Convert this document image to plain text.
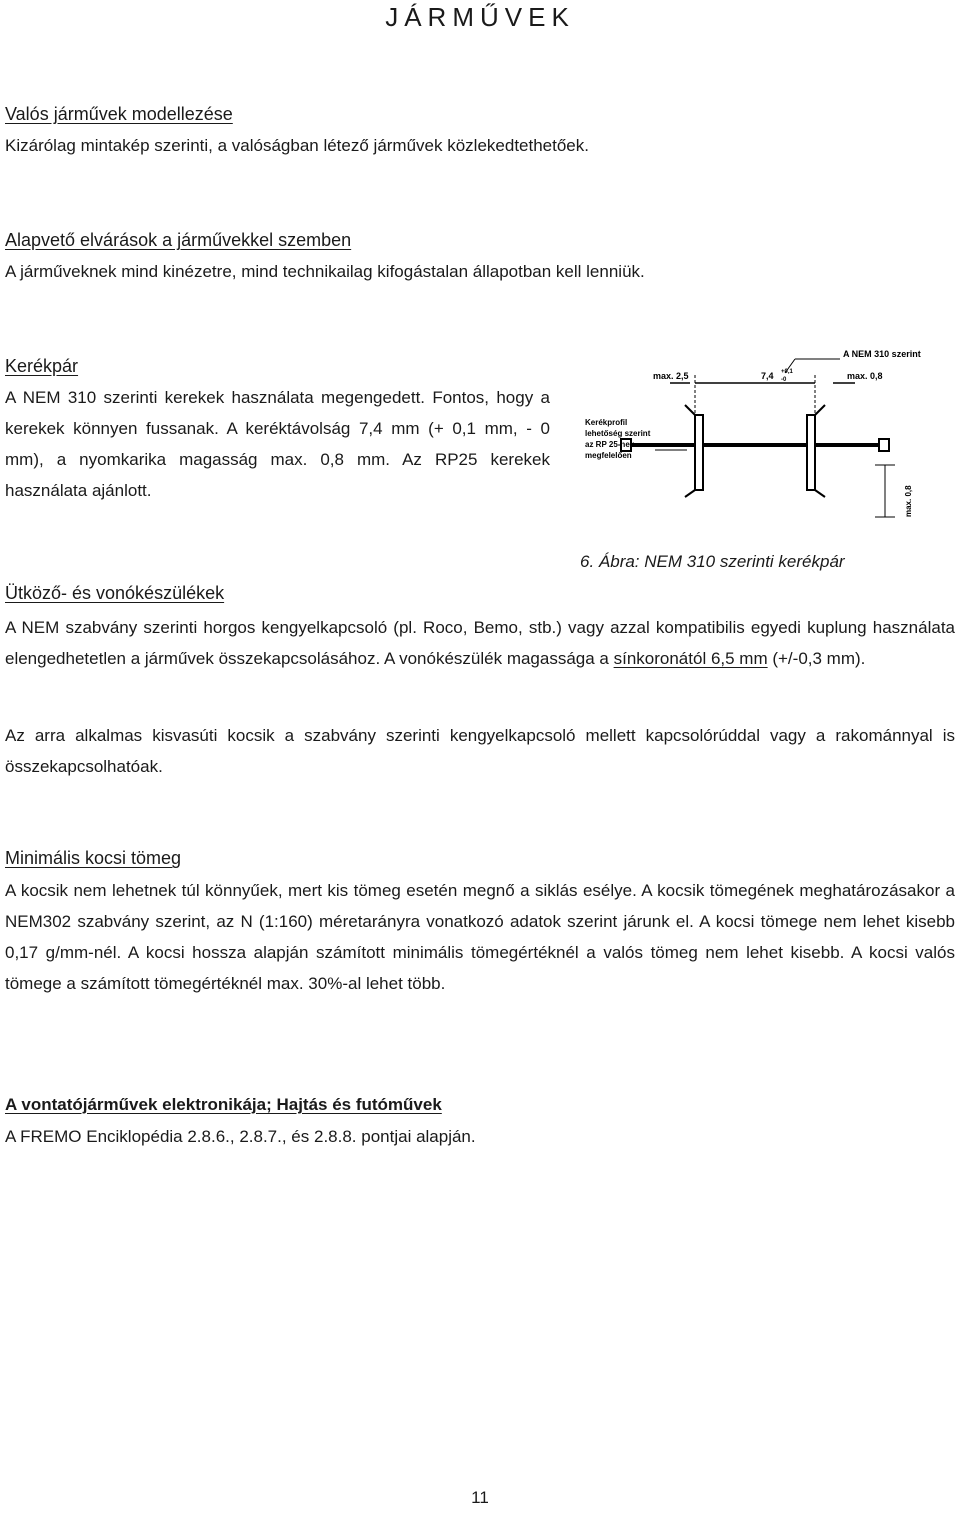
JÁRMŰVEK
Valós járművek modellezése

Kizárólag mintakép szerinti, a valóságban létező járművek közlekedtethetőek.

Alapvető elvárások a járművekkel szemben

A járműveknek mind kinézetre, mind technikailag kifogástalan állapotban kell lenniük.

Kerékpár

A NEM 310 szerinti kerekek használata megengedett. Fontos, hogy a kerekek könnyen fussanak. A keréktávolság 7,4 mm (+ 0,1 mm, - 0 mm), a nyomkarika magasság max. 0,8 mm. Az RP25 kerekek használata ajánlott.

A NEM 310 szerint
max. 2,5	7,4 +0,1
-0	max. 0,8
Kerékprofil
lehetőség szerint
az RP 25-nek
megfelelően
max. 0,8

6. Ábra: NEM 310 szerinti kerékpár

Ütköző- és vonókészülékek

A NEM szabvány szerinti horgos kengyelkapcsoló (pl. Roco, Bemo, stb.) vagy azzal kompatibilis egyedi kuplung használata elengedhetetlen a járművek összekapcsolásához. A vonókészülék magassága a sínkoronától 6,5 mm (+/-0,3 mm).

Az arra alkalmas kisvasúti kocsik a szabvány szerinti kengyelkapcsoló mellett kapcsolórúddal vagy a rakománnyal is összekapcsolhatóak.

Minimális kocsi tömeg

A kocsik nem lehetnek túl könnyűek, mert kis tömeg esetén megnő a siklás esélye. A kocsik tömegének meghatározásakor a NEM302 szabvány szerint, az N (1:160) méretarányra vonatkozó adatok szerint járunk el. A kocsi tömege nem lehet kisebb 0,17 g/mm-nél. A kocsi hossza alapján számított minimális tömegértéknél a valós tömeg nem lehet kisebb. A kocsi valós tömege a számított tömegértéknél max. 30%-al lehet több.

A vontatójárművek elektronikája; Hajtás és futóművek

A FREMO Enciklopédia 2.8.6., 2.8.7., és 2.8.8. pontjai alapján.

11
